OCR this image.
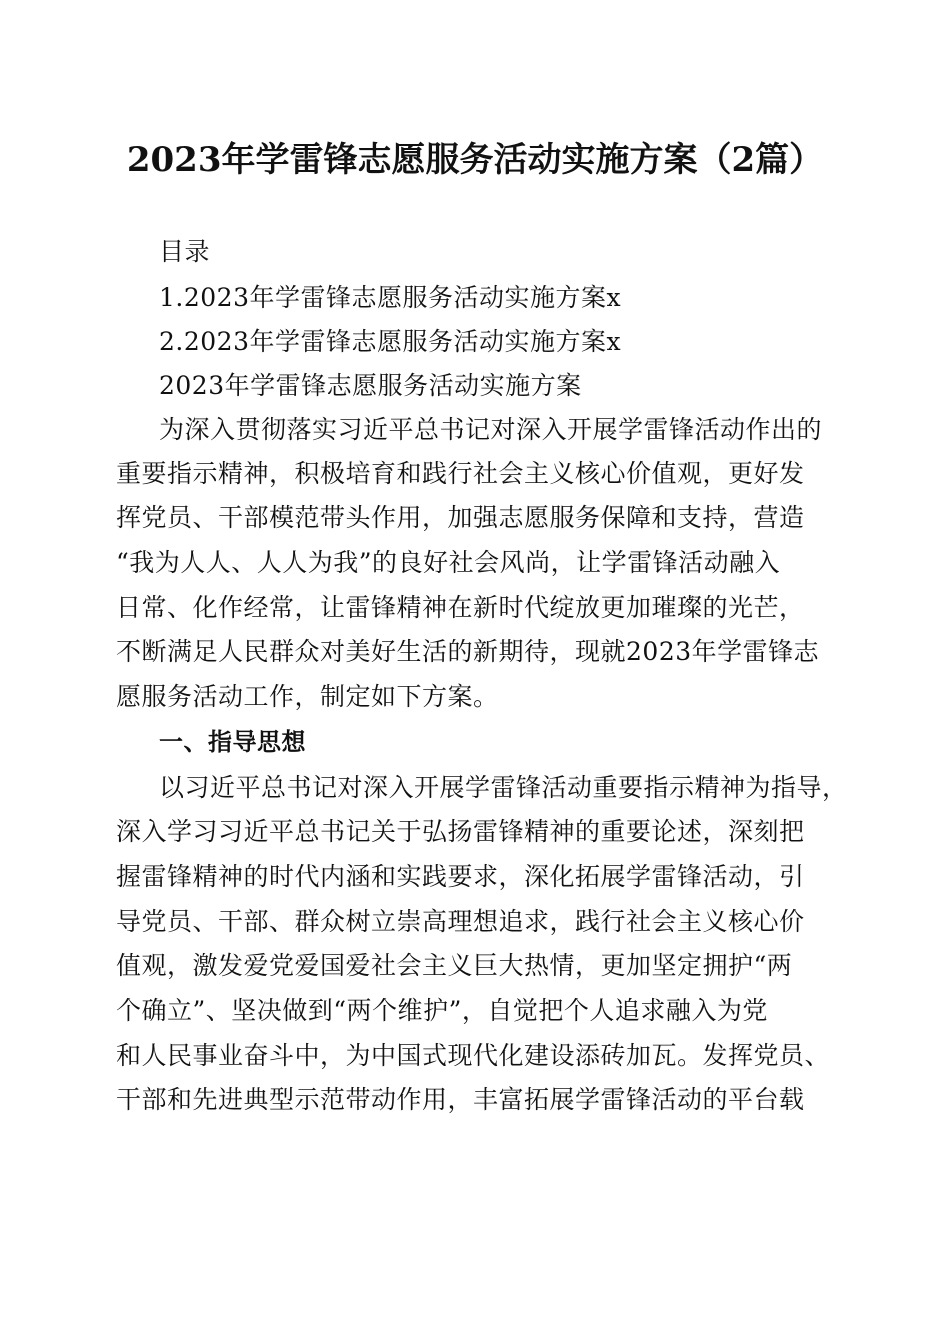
2023年学雷锋志愿服务活动实施方案（2篇）
目录
1.2023年学雷锋志愿服务活动实施方案x
2.2023年学雷锋志愿服务活动实施方案x
2023年学雷锋志愿服务活动实施方案
为深入贯彻落实习近平总书记对深入开展学雷锋活动作出的
重要指示精神，积极培育和践行社会主义核心价值观，更好发
挥党员、干部模范带头作用，加强志愿服务保障和支持，营造
“我为人人、人人为我”的良好社会风尚，让学雷锋活动融入
日常、化作经常，让雷锋精神在新时代绽放更加璀璨的光芒，
不断满足人民群众对美好生活的新期待，现就2023年学雷锋志
愿服务活动工作，制定如下方案。
一、指导思想
以习近平总书记对深入开展学雷锋活动重要指示精神为指导，
深入学习习近平总书记关于弘扬雷锋精神的重要论述，深刻把
握雷锋精神的时代内涵和实践要求，深化拓展学雷锋活动，引
导党员、干部、群众树立崇高理想追求，践行社会主义核心价
值观，激发爱党爱国爱社会主义巨大热情，更加坚定拥护“两
个确立”、坚决做到“两个维护”，自觉把个人追求融入为党
和人民事业奋斗中，为中国式现代化建设添砖加瓦。发挥党员、
干部和先进典型示范带动作用，丰富拓展学雷锋活动的平台载
